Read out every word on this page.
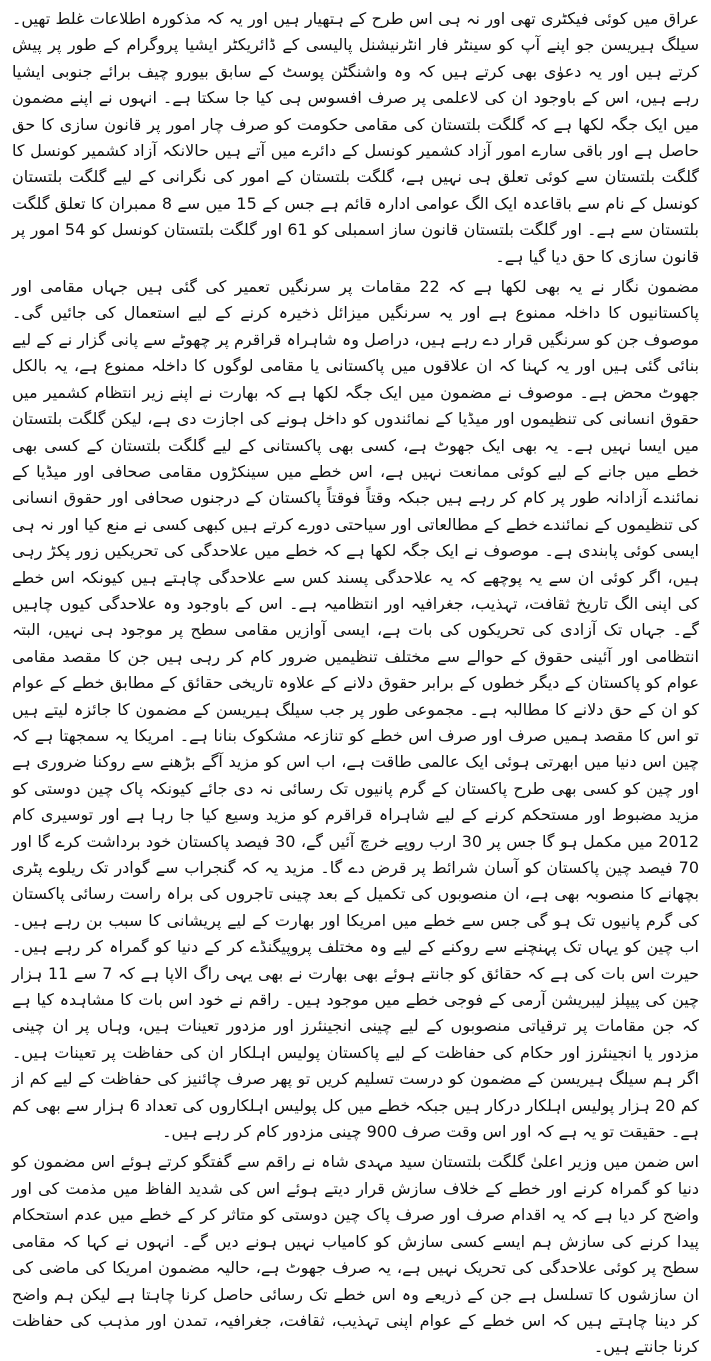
عراق میں کوئی فیکٹری تھی اور نہ ہی اس طرح کے ہتھیار ہیں اور یہ کہ مذکورہ اطلاعات غلط تھیں۔ سیلگ ہیریسن جو اپنے آپ کو سینٹر فار انٹرنیشنل پالیسی کے ڈائریکٹر ایشیا پروگرام کے طور پر پیش کرتے ہیں اور یہ دعوٰی بھی کرتے ہیں کہ وہ واشنگٹن پوسٹ کے سابق بیورو چیف برائے جنوبی ایشیا رہے ہیں، اس کے باوجود ان کی لاعلمی پر صرف افسوس ہی کیا جا سکتا ہے۔ انہوں نے اپنے مضمون میں ایک جگہ لکھا ہے کہ گلگت بلتستان کی مقامی حکومت کو صرف چار امور پر قانون سازی کا حق حاصل ہے اور باقی سارے امور آزاد کشمیر کونسل کے دائرے میں آتے ہیں حالانکہ آزاد کشمیر کونسل کا گلگت بلتستان سے کوئی تعلق ہی نہیں ہے، گلگت بلتستان کے امور کی نگرانی کے لیے گلگت بلتستان کونسل کے نام سے باقاعدہ ایک الگ عوامی ادارہ قائم ہے جس کے 15 میں سے 8 ممبران کا تعلق گلگت بلتستان سے ہے۔ اور گلگت بلتستان قانون ساز اسمبلی کو 61 اور گلگت بلتستان کونسل کو 54 امور پر قانون سازی کا حق دیا گیا ہے۔

مضمون نگار نے یہ بھی لکھا ہے کہ 22 مقامات پر سرنگیں تعمیر کی گئی ہیں جہاں مقامی اور پاکستانیوں کا داخلہ ممنوع ہے اور یہ سرنگیں میزائل ذخیرہ کرنے کے لیے استعمال کی جائیں گی۔ موصوف جن کو سرنگیں قرار دے رہے ہیں، دراصل وہ شاہراہ قراقرم پر چھوٹے سے پانی گزار نے کے لیے بنائی گئی ہیں اور یہ کہنا کہ ان علاقوں میں پاکستانی یا مقامی لوگوں کا داخلہ ممنوع ہے، یہ بالکل جھوٹ محض ہے۔ موصوف نے مضمون میں ایک جگہ لکھا ہے کہ بھارت نے اپنے زیر انتظام کشمیر میں حقوق انسانی کی تنظیموں اور میڈیا کے نمائندوں کو داخل ہونے کی اجازت دی ہے، لیکن گلگت بلتستان میں ایسا نہیں ہے۔ یہ بھی ایک جھوٹ ہے، کسی بھی پاکستانی کے لیے گلگت بلتستان کے کسی بھی خطے میں جانے کے لیے کوئی ممانعت نہیں ہے، اس خطے میں سینکڑوں مقامی صحافی اور میڈیا کے نمائندے آزادانہ طور پر کام کر رہے ہیں جبکہ وقتاً فوقتاً پاکستان کے درجنوں صحافی اور حقوق انسانی کی تنظیموں کے نمائندے خطے کے مطالعاتی اور سیاحتی دورے کرتے ہیں کبھی کسی نے منع کیا اور نہ ہی ایسی کوئی پابندی ہے۔ موصوف نے ایک جگہ لکھا ہے کہ خطے میں علاحدگی کی تحریکیں زور پکڑ رہی ہیں، اگر کوئی ان سے یہ پوچھے کہ یہ علاحدگی پسند کس سے علاحدگی چاہتے ہیں کیونکہ اس خطے کی اپنی الگ تاریخ ثقافت، تہذیب، جغرافیہ اور انتظامیہ ہے۔ اس کے باوجود وہ علاحدگی کیوں چاہیں گے۔ جہاں تک آزادی کی تحریکوں کی بات ہے، ایسی آوازیں مقامی سطح پر موجود ہی نہیں، البتہ انتظامی اور آئینی حقوق کے حوالے سے مختلف تنظیمیں ضرور کام کر رہی ہیں جن کا مقصد مقامی عوام کو پاکستان کے دیگر خطوں کے برابر حقوق دلانے کے علاوہ تاریخی حقائق کے مطابق خطے کے عوام کو ان کے حق دلانے کا مطالبہ ہے۔ مجموعی طور پر جب سیلگ ہیریسن کے مضمون کا جائزہ لیتے ہیں تو اس کا مقصد ہمیں صرف اور صرف اس خطے کو تنازعہ مشکوک بنانا ہے۔ امریکا یہ سمجھتا ہے کہ چین اس دنیا میں ابھرتی ہوئی ایک عالمی طاقت ہے، اب اس کو مزید آگے بڑھنے سے روکنا ضروری ہے اور چین کو کسی بھی طرح پاکستان کے گرم پانیوں تک رسائی نہ دی جائے کیونکہ پاک چین دوستی کو مزید مضبوط اور مستحکم کرنے کے لیے شاہراہ قراقرم کو مزید وسیع کیا جا رہا ہے اور توسیری کام 2012 میں مکمل ہو گا جس پر 30 ارب روپے خرچ آئیں گے، 30 فیصد پاکستان خود برداشت کرے گا اور 70 فیصد چین پاکستان کو آسان شرائط پر قرض دے گا۔ مزید یہ کہ گنجراب سے گوادر تک ریلوے پٹری بچھانے کا منصوبہ بھی ہے، ان منصوبوں کی تکمیل کے بعد چینی تاجروں کی براہ راست رسائی پاکستان کی گرم پانیوں تک ہو گی جس سے خطے میں امریکا اور بھارت کے لیے پریشانی کا سبب بن رہے ہیں۔ اب چین کو یہاں تک پہنچنے سے روکنے کے لیے وہ مختلف پروپیگنڈے کر کے دنیا کو گمراہ کر رہے ہیں۔ حیرت اس بات کی ہے کہ حقائق کو جانتے ہوئے بھی بھارت نے بھی یہی راگ الاپا ہے کہ 7 سے 11 ہزار چین کی پیپلز لیبریشن آرمی کے فوجی خطے میں موجود ہیں۔ راقم نے خود اس بات کا مشاہدہ کیا ہے کہ جن مقامات پر ترقیاتی منصوبوں کے لیے چینی انجینئرز اور مزدور تعینات ہیں، وہاں پر ان چینی مزدور یا انجینئرز اور حکام کی حفاظت کے لیے پاکستان پولیس اہلکار ان کی حفاظت پر تعینات ہیں۔ اگر ہم سیلگ ہیریسن کے مضمون کو درست تسلیم کریں تو پھر صرف چائنیز کی حفاظت کے لیے کم از کم 20 ہزار پولیس اہلکار درکار ہیں جبکہ خطے میں کل پولیس اہلکاروں کی تعداد 6 ہزار سے بھی کم ہے۔ حقیقت تو یہ ہے کہ اور اس وقت صرف 900 چینی مزدور کام کر رہے ہیں۔

اس ضمن میں وزیر اعلیٰ گلگت بلتستان سید مہدی شاہ نے راقم سے گفتگو کرتے ہوئے اس مضمون کو دنیا کو گمراہ کرنے اور خطے کے خلاف سازش قرار دیتے ہوئے اس کی شدید الفاظ میں مذمت کی اور واضح کر دیا ہے کہ یہ اقدام صرف اور صرف پاک چین دوستی کو متاثر کر کے خطے میں عدم استحکام پیدا کرنے کی سازش ہم ایسے کسی سازش کو کامیاب نہیں ہونے دیں گے۔ انہوں نے کہا کہ مقامی سطح پر کوئی علاحدگی کی تحریک نہیں ہے، یہ صرف جھوٹ ہے، حالیہ مضمون امریکا کی ماضی کی ان سازشوں کا تسلسل ہے جن کے ذریعے وہ اس خطے تک رسائی حاصل کرنا چاہتا ہے لیکن ہم واضح کر دینا چاہتے ہیں کہ اس خطے کے عوام اپنی تہذیب، ثقافت، جغرافیہ، تمدن اور مذہب کی حفاظت کرنا جانتے ہیں۔
